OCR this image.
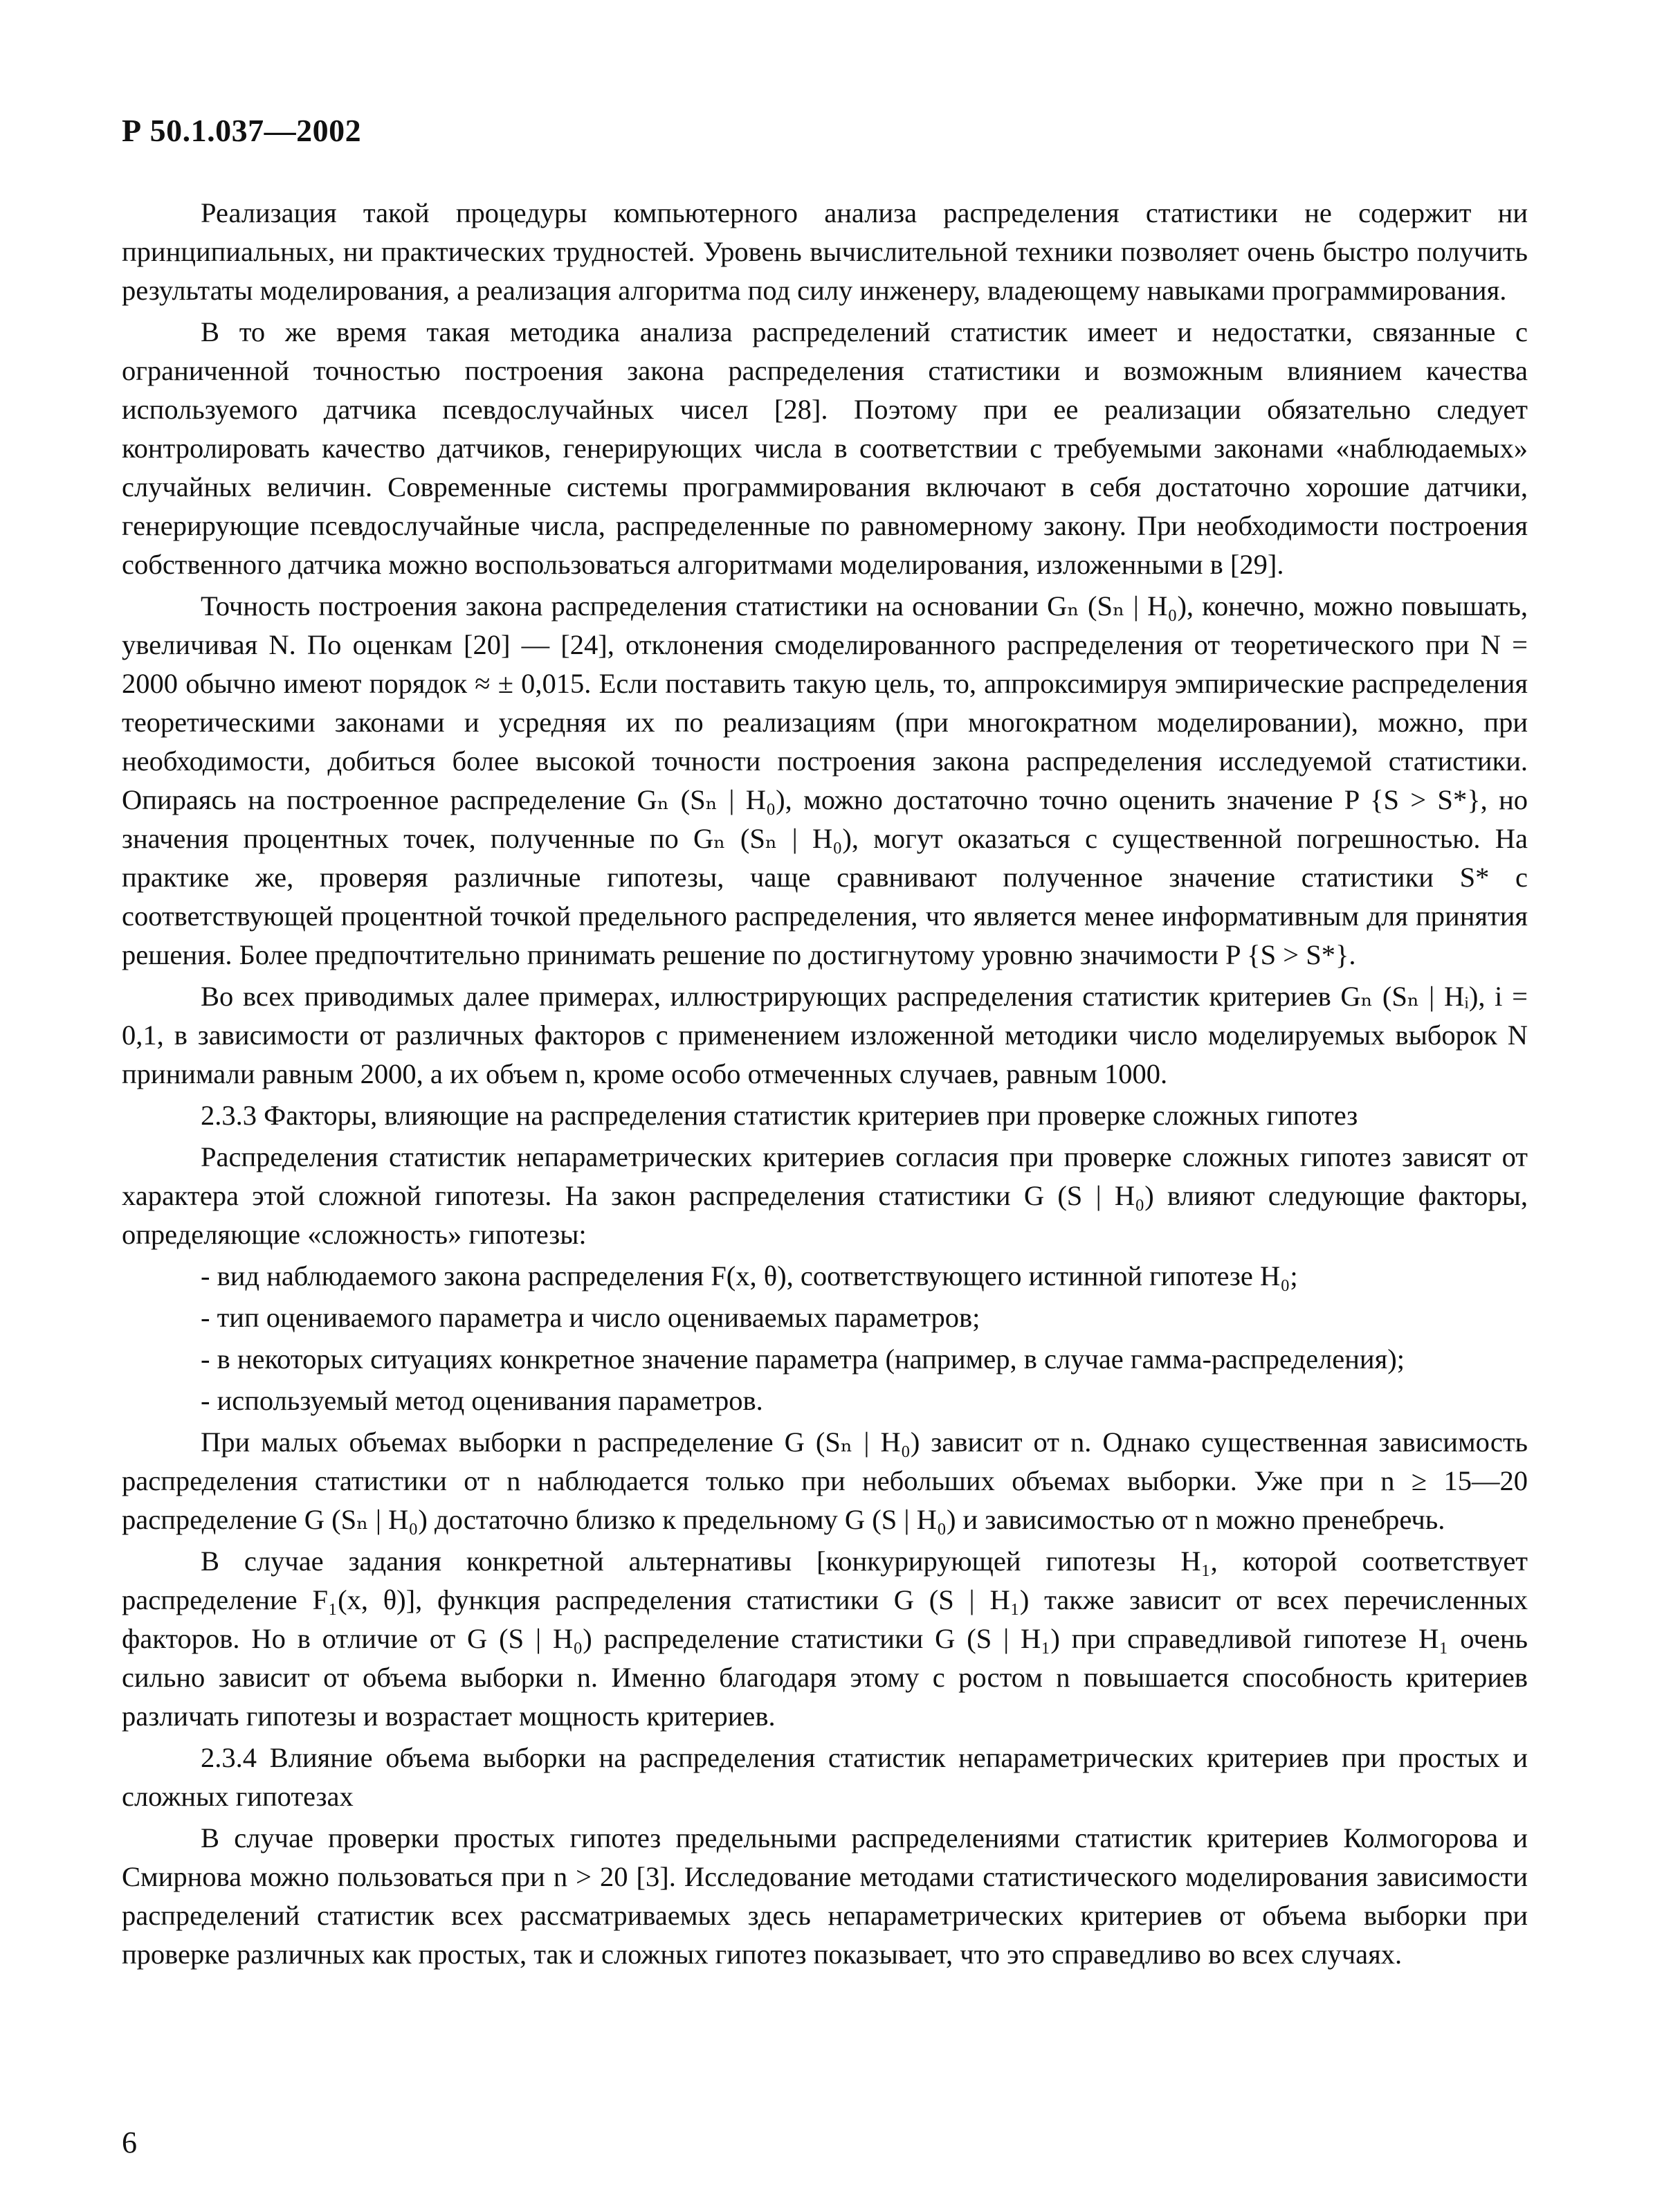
Р 50.1.037—2002

Реализация такой процедуры компьютерного анализа распределения статистики не содержит ни принципиальных, ни практических трудностей. Уровень вычислительной техники позволяет очень быстро получить результаты моделирования, а реализация алгоритма под силу инженеру, владеющему навыками программирования.

В то же время такая методика анализа распределений статистик имеет и недостатки, связанные с ограниченной точностью построения закона распределения статистики и возможным влиянием качества используемого датчика псевдослучайных чисел [28]. Поэтому при ее реализации обязательно следует контролировать качество датчиков, генерирующих числа в соответствии с требуемыми законами «наблюдаемых» случайных величин. Современные системы программирования включают в себя достаточно хорошие датчики, генерирующие псевдослучайные числа, распределенные по равномерному закону. При необходимости построения собственного датчика можно воспользоваться алгоритмами моделирования, изложенными в [29].

Точность построения закона распределения статистики на основании Gₙ (Sₙ | H₀), конечно, можно повышать, увеличивая N. По оценкам [20] — [24], отклонения смоделированного распределения от теоретического при N = 2000 обычно имеют порядок ≈ ± 0,015. Если поставить такую цель, то, аппроксимируя эмпирические распределения теоретическими законами и усредняя их по реализациям (при многократном моделировании), можно, при необходимости, добиться более высокой точности построения закона распределения исследуемой статистики. Опираясь на построенное распределение Gₙ (Sₙ | H₀), можно достаточно точно оценить значение P {S > S*}, но значения процентных точек, полученные по Gₙ (Sₙ | H₀), могут оказаться с существенной погрешностью. На практике же, проверяя различные гипотезы, чаще сравнивают полученное значение статистики S* с соответствующей процентной точкой предельного распределения, что является менее информативным для принятия решения. Более предпочтительно принимать решение по достигнутому уровню значимости P {S > S*}.

Во всех приводимых далее примерах, иллюстрирующих распределения статистик критериев Gₙ (Sₙ | Hᵢ), i = 0,1, в зависимости от различных факторов с применением изложенной методики число моделируемых выборок N принимали равным 2000, а их объем n, кроме особо отмеченных случаев, равным 1000.

2.3.3 Факторы, влияющие на распределения статистик критериев при проверке сложных гипотез

Распределения статистик непараметрических критериев согласия при проверке сложных гипотез зависят от характера этой сложной гипотезы. На закон распределения статистики G (S | H₀) влияют следующие факторы, определяющие «сложность» гипотезы:

- вид наблюдаемого закона распределения F(x, θ), соответствующего истинной гипотезе H₀;

- тип оцениваемого параметра и число оцениваемых параметров;

- в некоторых ситуациях конкретное значение параметра (например, в случае гамма-распределения);

- используемый метод оценивания параметров.

При малых объемах выборки n распределение G (Sₙ | H₀) зависит от n. Однако существенная зависимость распределения статистики от n наблюдается только при небольших объемах выборки. Уже при n ≥ 15—20 распределение G (Sₙ | H₀) достаточно близко к предельному G (S | H₀) и зависимостью от n можно пренебречь.

В случае задания конкретной альтернативы [конкурирующей гипотезы H₁, которой соответствует распределение F₁(x, θ)], функция распределения статистики G (S | H₁) также зависит от всех перечисленных факторов. Но в отличие от G (S | H₀) распределение статистики G (S | H₁) при справедливой гипотезе H₁ очень сильно зависит от объема выборки n. Именно благодаря этому с ростом n повышается способность критериев различать гипотезы и возрастает мощность критериев.

2.3.4 Влияние объема выборки на распределения статистик непараметрических критериев при простых и сложных гипотезах

В случае проверки простых гипотез предельными распределениями статистик критериев Колмогорова и Смирнова можно пользоваться при n > 20 [3]. Исследование методами статистического моделирования зависимости распределений статистик всех рассматриваемых здесь непараметрических критериев от объема выборки при проверке различных как простых, так и сложных гипотез показывает, что это справедливо во всех случаях.

6
